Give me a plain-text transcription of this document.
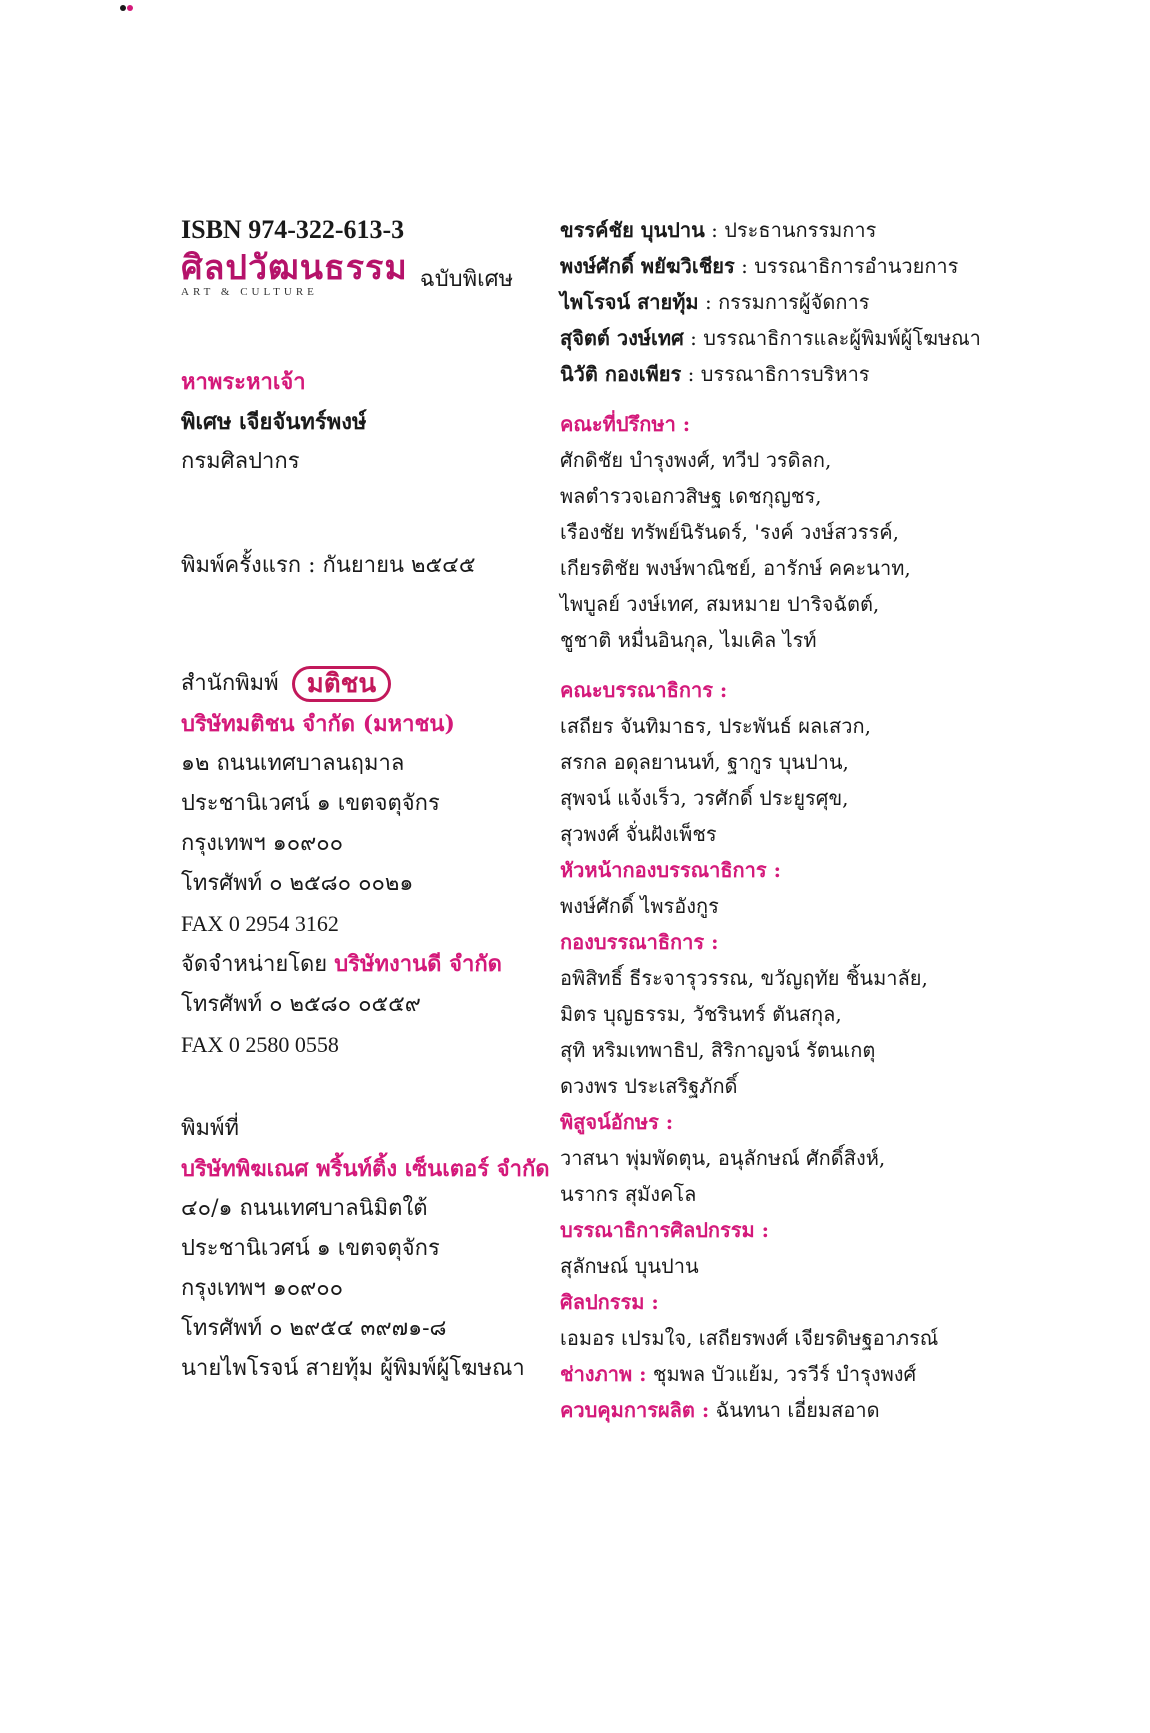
ISBN 974-322-613-3
ศิลปวัฒนธรรม
ART & CULTURE	ฉบับพิเศษ
หาพระหาเจ้า
พิเศษ เจียจันทร์พงษ์
กรมศิลปากร
พิมพ์ครั้งแรก : กันยายน ๒๕๔๕
สำนักพิมพ์ มติชน
บริษัทมติชน จำกัด (มหาชน)
๑๒ ถนนเทศบาลนฤมาล
ประชานิเวศน์ ๑ เขตจตุจักร
กรุงเทพฯ ๑๐๙๐๐
โทรศัพท์ ๐ ๒๕๘๐ ๐๐๒๑
FAX 0 2954 3162
จัดจำหน่ายโดย บริษัทงานดี จำกัด
โทรศัพท์ ๐ ๒๕๘๐ ๐๕๕๙
FAX 0 2580 0558
พิมพ์ที่
บริษัทพิฆเณศ พริ้นท์ติ้ง เซ็นเตอร์ จำกัด
๔๐/๑ ถนนเทศบาลนิมิตใต้
ประชานิเวศน์ ๑ เขตจตุจักร
กรุงเทพฯ ๑๐๙๐๐
โทรศัพท์ ๐ ๒๙๕๔ ๓๙๗๑-๘
นายไพโรจน์ สายทุ้ม ผู้พิมพ์ผู้โฆษณา
ขรรค์ชัย บุนปาน : ประธานกรรมการ
พงษ์ศักดิ์ พยัฆวิเชียร : บรรณาธิการอำนวยการ
ไพโรจน์ สายทุ้ม : กรรมการผู้จัดการ
สุจิตต์ วงษ์เทศ : บรรณาธิการและผู้พิมพ์ผู้โฆษณา
นิวัติ กองเพียร : บรรณาธิการบริหาร
คณะที่ปรึกษา :
ศักดิชัย บำรุงพงศ์, ทวีป วรดิลก,
พลตำรวจเอกวสิษฐ เดชกุญชร,
เรืองชัย ทรัพย์นิรันดร์, 'รงค์ วงษ์สวรรค์,
เกียรติชัย พงษ์พาณิชย์, อารักษ์ คคะนาท,
ไพบูลย์ วงษ์เทศ, สมหมาย ปาริจฉัตต์,
ชูชาติ หมื่นอินกุล, ไมเคิล ไรท์
คณะบรรณาธิการ :
เสถียร จันทิมาธร, ประพันธ์ ผลเสวก,
สรกล อดุลยานนท์, ฐากูร บุนปาน,
สุพจน์ แจ้งเร็ว, วรศักดิ์ ประยูรศุข,
สุวพงศ์ จั่นฝังเพ็ชร
หัวหน้ากองบรรณาธิการ :
พงษ์ศักดิ์ ไพรอังกูร
กองบรรณาธิการ :
อพิสิทธิ์ ธีระจารุวรรณ, ขวัญฤทัย ชิ้นมาลัย,
มิตร บุญธรรม, วัชรินทร์ ตันสกุล,
สุทิ หริมเทพาธิป, สิริกาญจน์ รัตนเกตุ
ดวงพร ประเสริฐภักดิ์
พิสูจน์อักษร :
วาสนา พุ่มพัดตุน, อนุลักษณ์ ศักดิ์สิงห์,
นรากร สุมังคโล
บรรณาธิการศิลปกรรม :
สุลักษณ์ บุนปาน
ศิลปกรรม :
เอมอร เปรมใจ, เสถียรพงศ์ เจียรดิษฐอาภรณ์
ช่างภาพ : ชุมพล บัวแย้ม, วรวีร์ บำรุงพงศ์
ควบคุมการผลิต : ฉันทนา เอี่ยมสอาด
